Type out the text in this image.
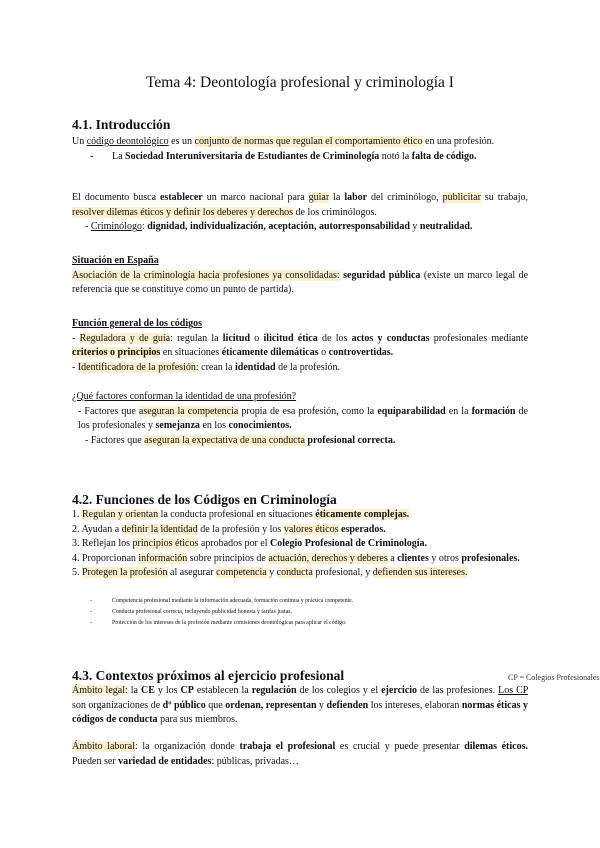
Tema 4: Deontología profesional y criminología I
4.1. Introducción

Un código deontológico es un conjunto de normas que regulan el comportamiento ético en una profesión.

- La Sociedad Interuniversitaria de Estudiantes de Criminología notó la falta de código.

El documento busca establecer un marco nacional para guiar la labor del criminólogo, publicitar su trabajo, resolver dilemas éticos y definir los deberes y derechos de los criminólogos.

- Criminólogo: dignidad, individualización, aceptación, autorresponsabilidad y neutralidad.

Situación en España

Asociación de la criminología hacia profesiones ya consolidadas: seguridad pública (existe un marco legal de referencia que se constituye como un punto de partida).

Función general de los códigos

- Reguladora y de guía: regulan la licitud o ilicitud ética de los actos y conductas profesionales mediante criterios o principios en situaciones éticamente dilemáticas o controvertidas.

- Identificadora de la profesión: crean la identidad de la profesión.

¿Qué factores conforman la identidad de una profesión?

- Factores que aseguran la competencia propia de esa profesión, como la equiparabilidad en la formación de los profesionales y semejanza en los conocimientos.

- Factores que aseguran la expectativa de una conducta profesional correcta.

4.2. Funciones de los Códigos en Criminología

1. Regulan y orientan la conducta profesional en situaciones éticamente complejas.

2. Ayudan a definir la identidad de la profesión y los valores éticos esperados.

3. Reflejan los principios éticos aprobados por el Colegio Profesional de Criminología.

4. Proporcionan información sobre principios de actuación, derechos y deberes a clientes y otros profesionales.

5. Protegen la profesión al asegurar competencia y conducta profesional, y defienden sus intereses.

-	Competencia profesional mediante la información adecuada, formación continua y práctica competente.
-	Conducta profesional correcta, incluyendo publicidad honesta y tarifas justas.
-	Protección de los intereses de la profesión mediante comisiones deontológicas para aplicar el código.
4.3. Contextos próximos al ejercicio profesional	CP = Colegios Profesionales

Ámbito legal: la CE y los CP establecen la regulación de los colegios y el ejercicio de las profesiones. Los CP son organizaciones de dº público que ordenan, representan y defienden los intereses, elaboran normas éticas y códigos de conducta para sus miembros.

Ámbito laboral: la organización donde trabaja el profesional es crucial y puede presentar dilemas éticos. Pueden ser variedad de entidades: públicas, privadas…
